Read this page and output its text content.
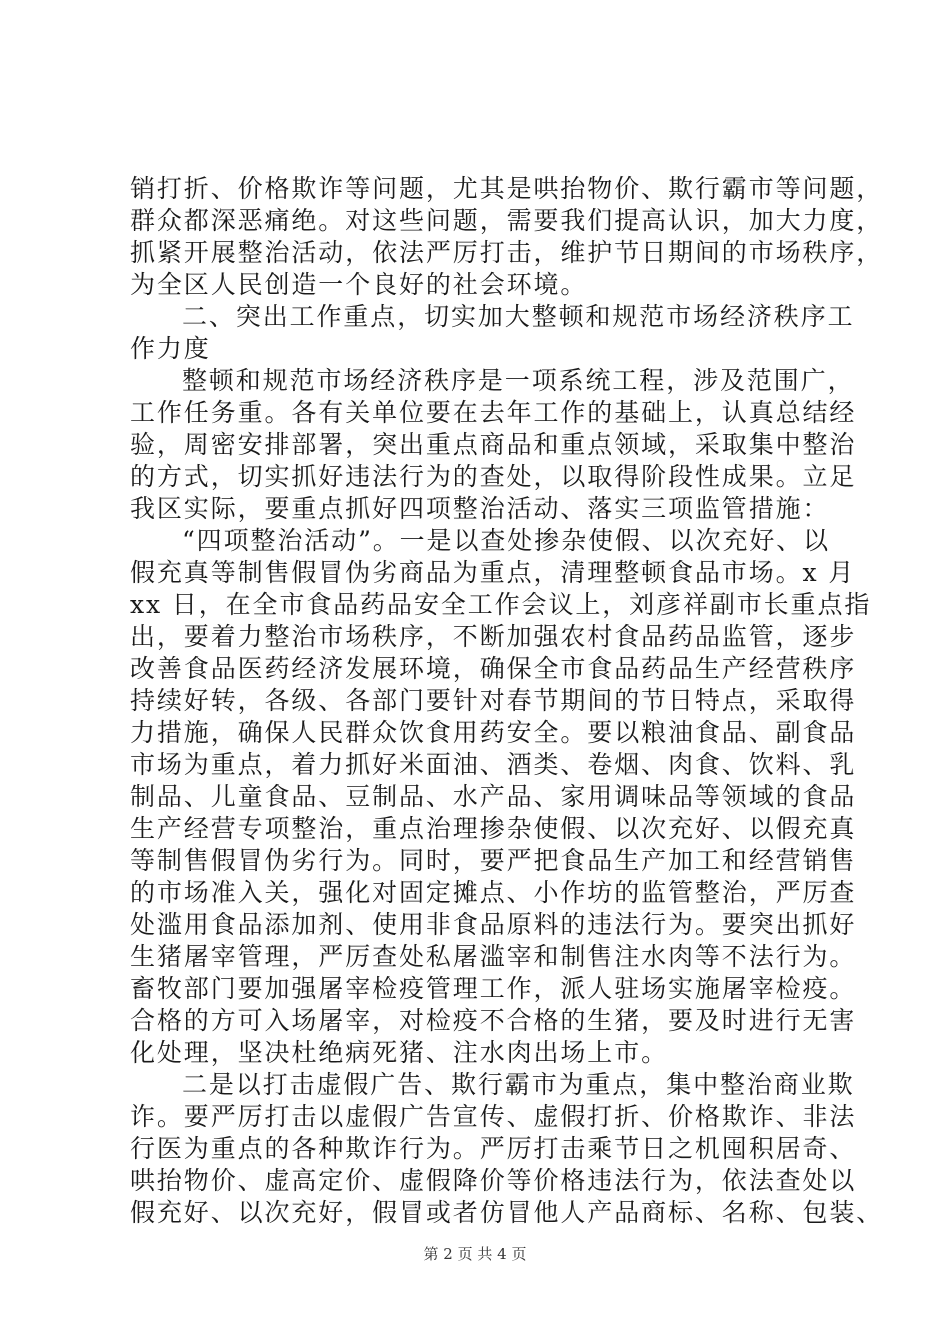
销打折、价格欺诈等问题，尤其是哄抬物价、欺行霸市等问题，
群众都深恶痛绝。对这些问题，需要我们提高认识，加大力度，
抓紧开展整治活动，依法严厉打击，维护节日期间的市场秩序，
为全区人民创造一个良好的社会环境。
二、突出工作重点，切实加大整顿和规范市场经济秩序工
作力度
整顿和规范市场经济秩序是一项系统工程，涉及范围广，
工作任务重。各有关单位要在去年工作的基础上，认真总结经
验，周密安排部署，突出重点商品和重点领域，采取集中整治
的方式，切实抓好违法行为的查处，以取得阶段性成果。立足
我区实际，要重点抓好四项整治活动、落实三项监管措施：
“四项整治活动”。一是以查处掺杂使假、以次充好、以
假充真等制售假冒伪劣商品为重点，清理整顿食品市场。x 月
xx 日，在全市食品药品安全工作会议上，刘彦祥副市长重点指
出，要着力整治市场秩序，不断加强农村食品药品监管，逐步
改善食品医药经济发展环境，确保全市食品药品生产经营秩序
持续好转，各级、各部门要针对春节期间的节日特点，采取得
力措施，确保人民群众饮食用药安全。要以粮油食品、副食品
市场为重点，着力抓好米面油、酒类、卷烟、肉食、饮料、乳
制品、儿童食品、豆制品、水产品、家用调味品等领域的食品
生产经营专项整治，重点治理掺杂使假、以次充好、以假充真
等制售假冒伪劣行为。同时，要严把食品生产加工和经营销售
的市场准入关，强化对固定摊点、小作坊的监管整治，严厉查
处滥用食品添加剂、使用非食品原料的违法行为。要突出抓好
生猪屠宰管理，严厉查处私屠滥宰和制售注水肉等不法行为。
畜牧部门要加强屠宰检疫管理工作，派人驻场实施屠宰检疫。
合格的方可入场屠宰，对检疫不合格的生猪，要及时进行无害
化处理，坚决杜绝病死猪、注水肉出场上市。
二是以打击虚假广告、欺行霸市为重点，集中整治商业欺
诈。要严厉打击以虚假广告宣传、虚假打折、价格欺诈、非法
行医为重点的各种欺诈行为。严厉打击乘节日之机囤积居奇、
哄抬物价、虚高定价、虚假降价等价格违法行为，依法查处以
假充好、以次充好，假冒或者仿冒他人产品商标、名称、包装、
第 2 页 共 4 页
